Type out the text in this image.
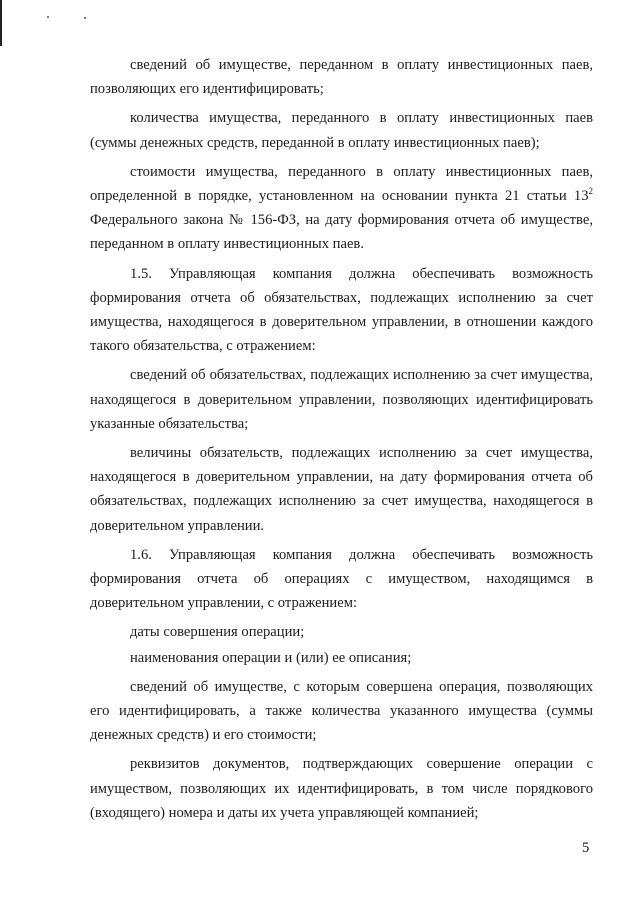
сведений об имуществе, переданном в оплату инвестиционных паев, позволяющих его идентифицировать;

количества имущества, переданного в оплату инвестиционных паев (суммы денежных средств, переданной в оплату инвестиционных паев);

стоимости имущества, переданного в оплату инвестиционных паев, определенной в порядке, установленном на основании пункта 21 статьи $13^2$ Федерального закона № 156-ФЗ, на дату формирования отчета об имуществе, переданном в оплату инвестиционных паев.

1.5. Управляющая компания должна обеспечивать возможность формирования отчета об обязательствах, подлежащих исполнению за счет имущества, находящегося в доверительном управлении, в отношении каждого такого обязательства, с отражением:

сведений об обязательствах, подлежащих исполнению за счет имущества, находящегося в доверительном управлении, позволяющих идентифицировать указанные обязательства;

величины обязательств, подлежащих исполнению за счет имущества, находящегося в доверительном управлении, на дату формирования отчета об обязательствах, подлежащих исполнению за счет имущества, находящегося в доверительном управлении.

1.6. Управляющая компания должна обеспечивать возможность формирования отчета об операциях с имуществом, находящимся в доверительном управлении, с отражением:

даты совершения операции;

наименования операции и (или) ее описания;

сведений об имуществе, с которым совершена операция, позволяющих его идентифицировать, а также количества указанного имущества (суммы денежных средств) и его стоимости;

реквизитов документов, подтверждающих совершение операции с имуществом, позволяющих их идентифицировать, в том числе порядкового (входящего) номера и даты их учета управляющей компанией;

5
